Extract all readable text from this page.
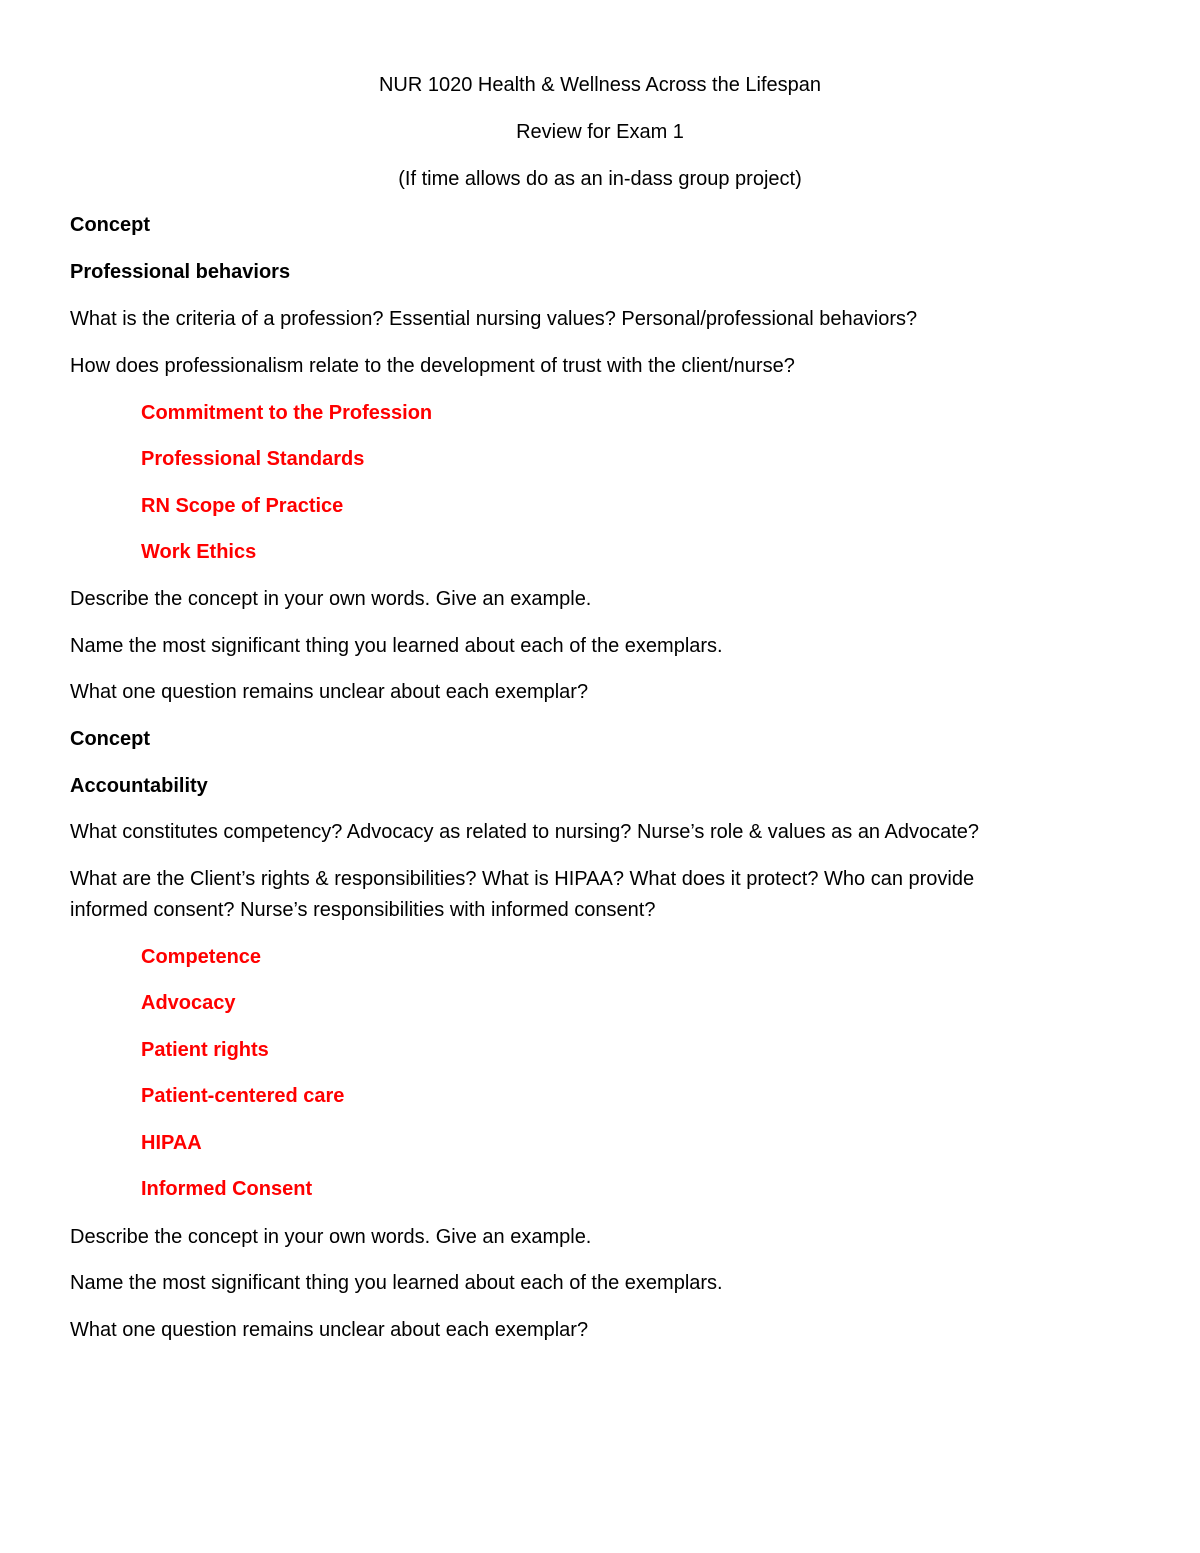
NUR 1020 Health & Wellness Across the Lifespan
Review for Exam 1
(If time allows do as an in-dass group project)
Concept
Professional behaviors
What is the criteria of a profession? Essential nursing values? Personal/professional behaviors?
How does professionalism relate to the development of trust with the client/nurse?
Commitment to the Profession
Professional Standards
RN Scope of Practice
Work Ethics
Describe the concept in your own words. Give an example.
Name the most significant thing you learned about each of the exemplars.
What one question remains unclear about each exemplar?
Concept
Accountability
What constitutes competency? Advocacy as related to nursing? Nurse’s role & values as an Advocate?
What are the Client’s rights & responsibilities? What is HIPAA? What does it protect? Who can provide
informed consent? Nurse’s responsibilities with informed consent?
Competence
Advocacy
Patient rights
Patient-centered care
HIPAA
Informed Consent
Describe the concept in your own words. Give an example.
Name the most significant thing you learned about each of the exemplars.
What one question remains unclear about each exemplar?
